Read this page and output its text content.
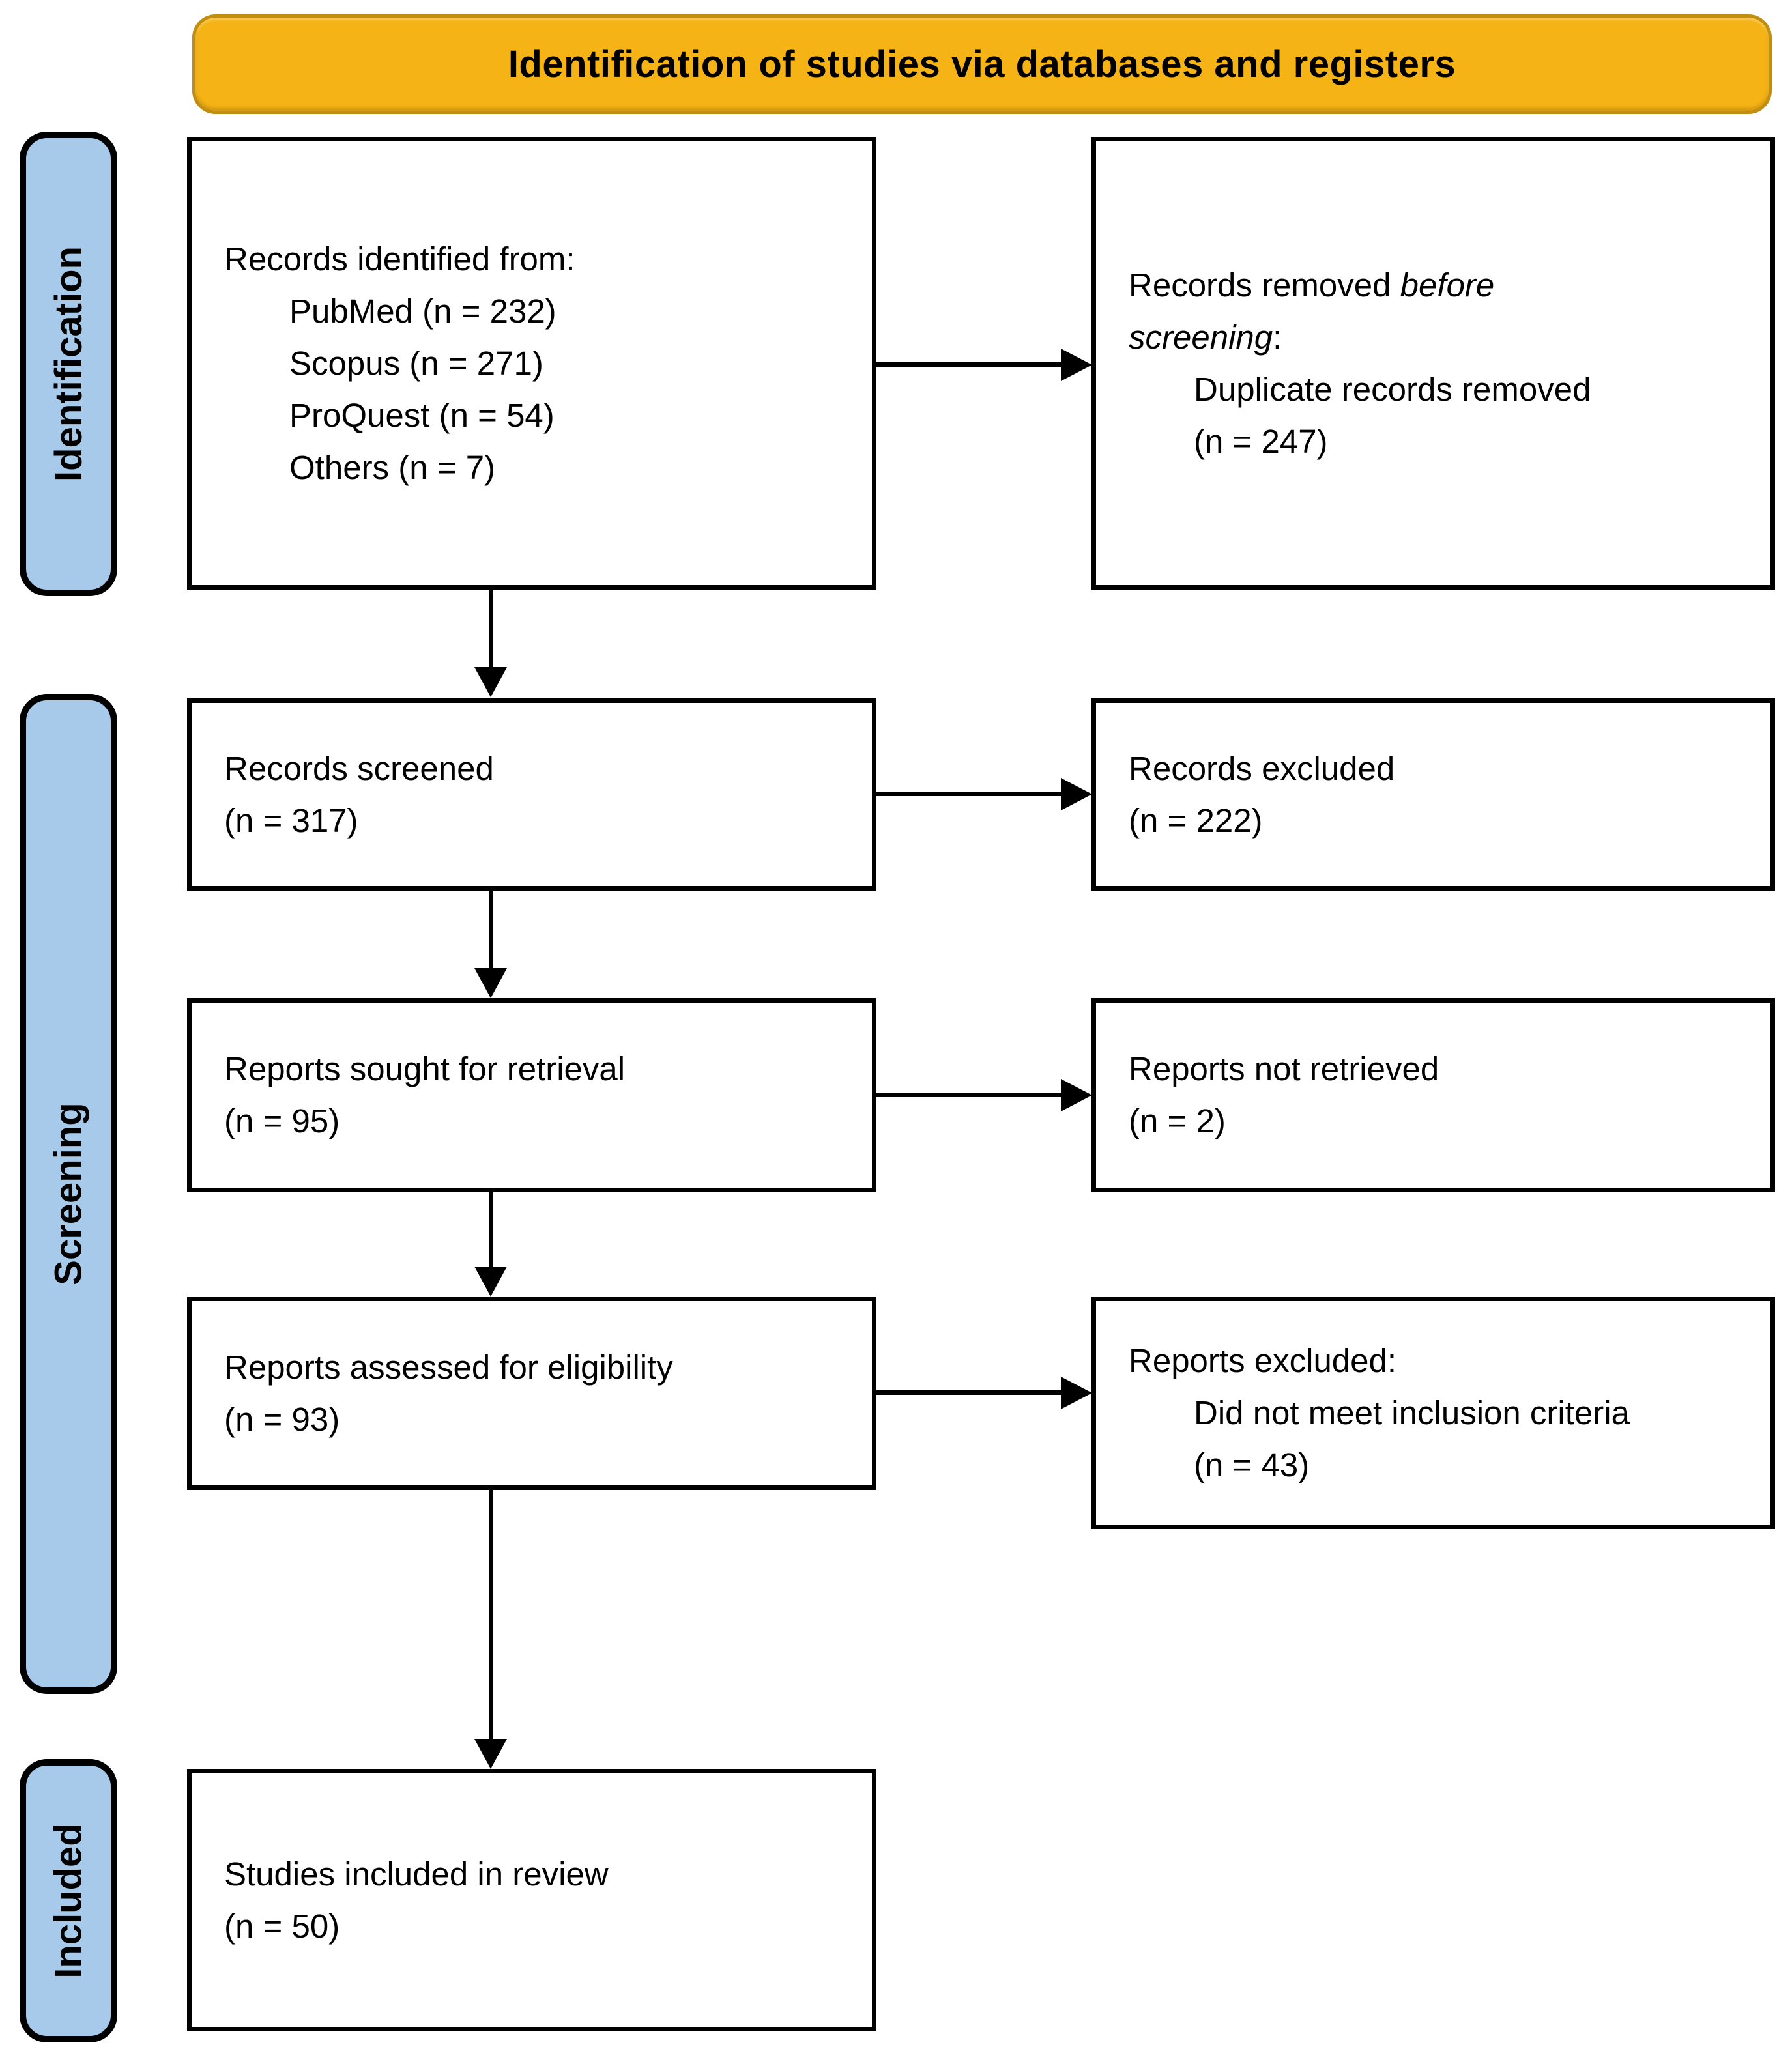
Identification of studies via databases and registers
Identification
Screening
Included
Records identified from:
PubMed (n = 232)
Scopus (n = 271)
ProQuest (n = 54)
Others (n = 7)
Records removed before
screening:
Duplicate records removed
(n = 247)
Records screened
(n = 317)
Records excluded
(n = 222)
Reports sought for retrieval
(n = 95)
Reports not retrieved
(n = 2)
Reports assessed for eligibility
(n = 93)
Reports excluded:
Did not meet inclusion criteria
(n = 43)
Studies included in review
(n = 50)
